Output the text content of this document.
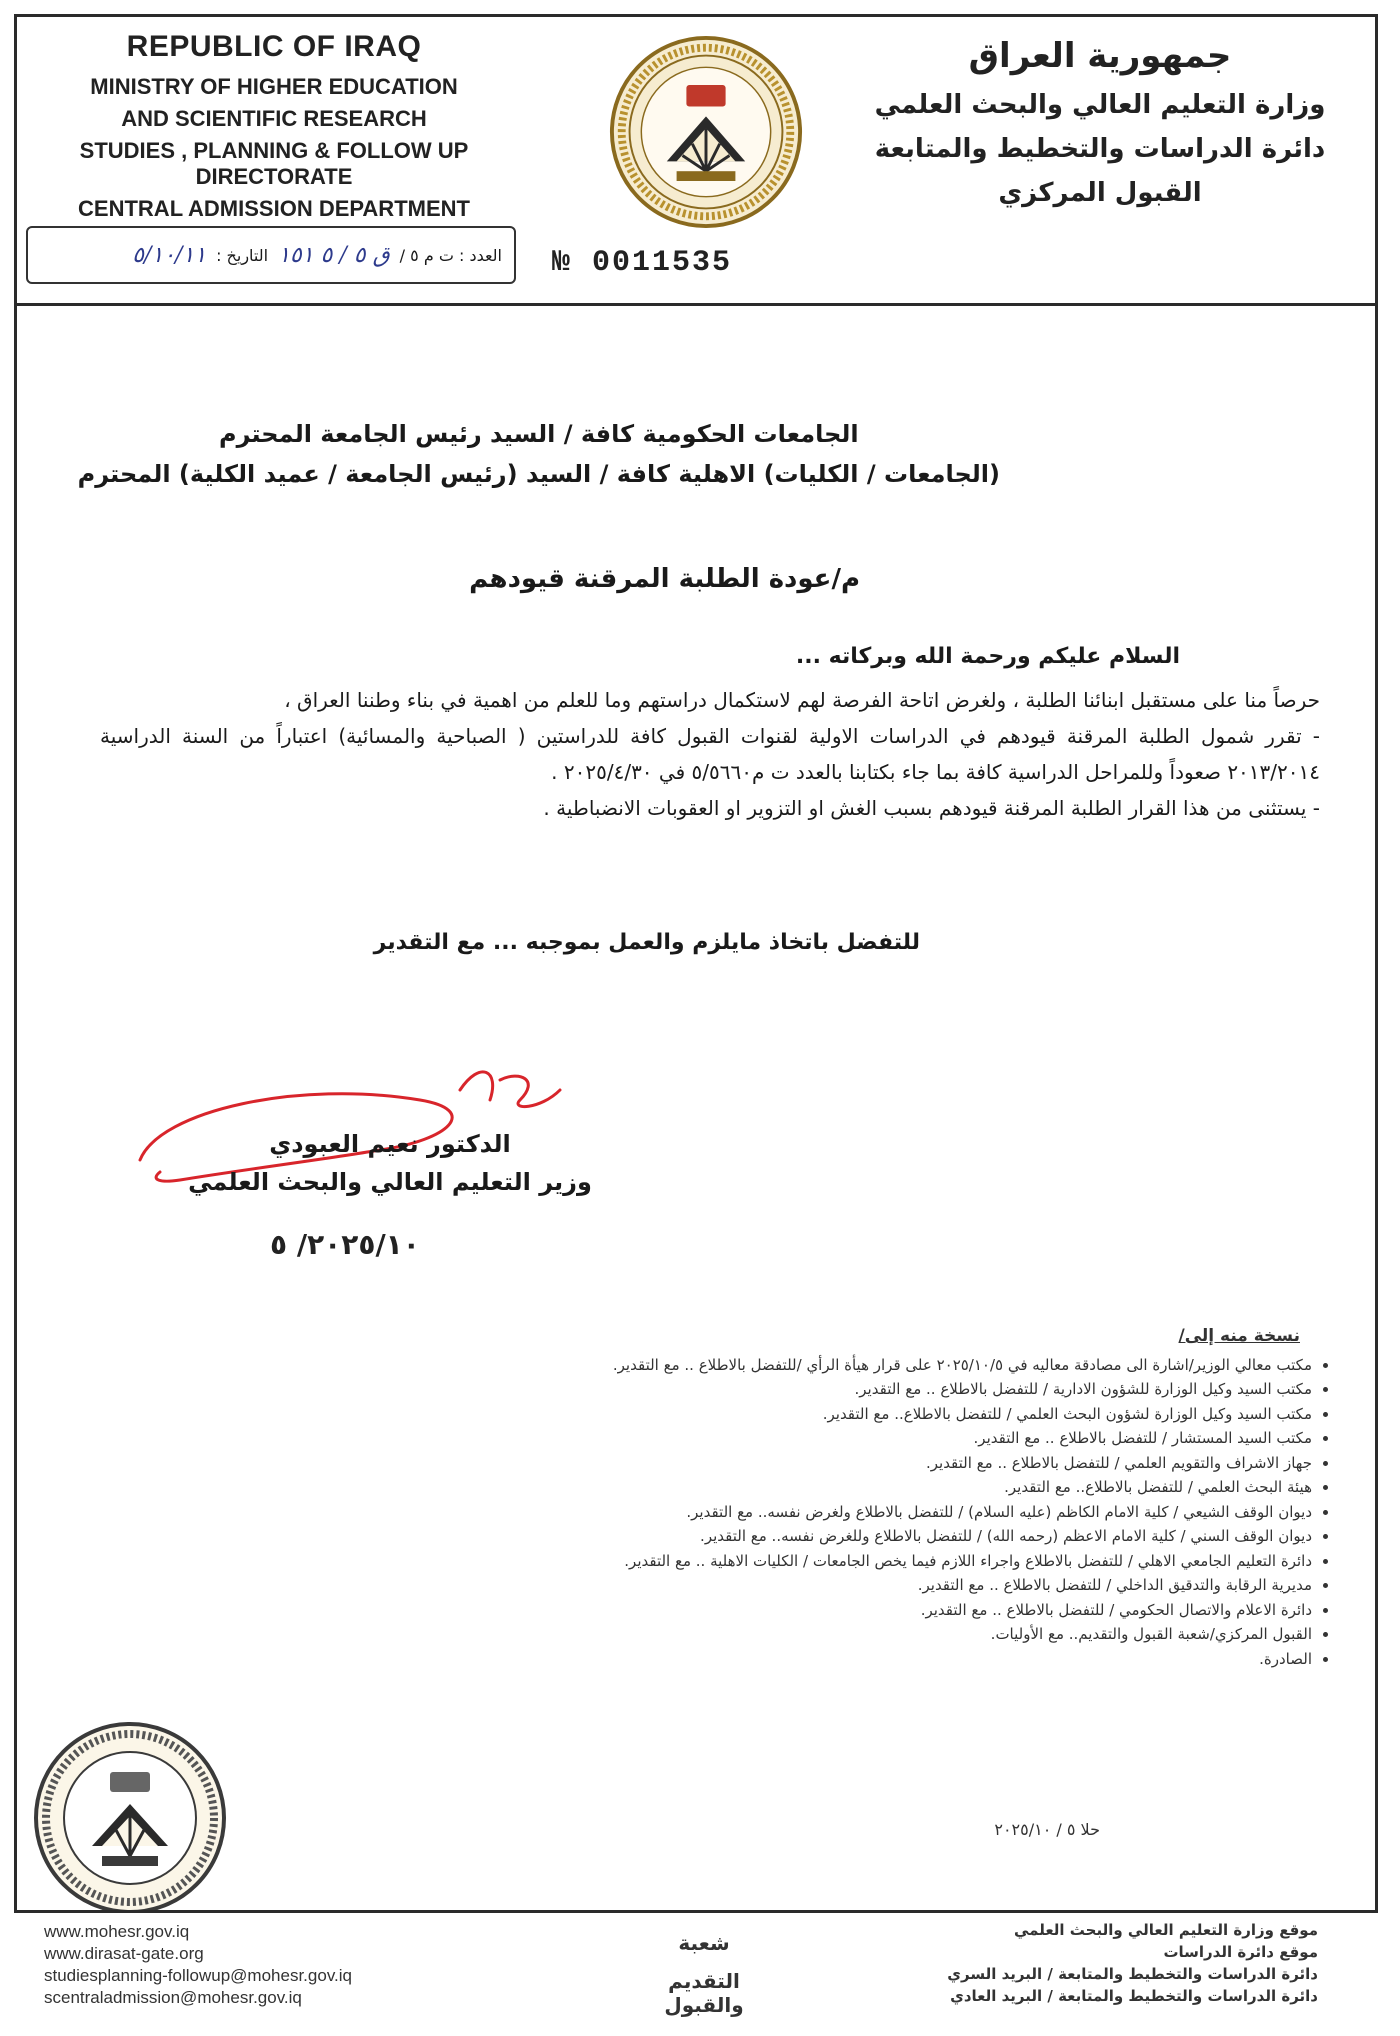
REPUBLIC OF IRAQ
MINISTRY OF HIGHER EDUCATION
AND SCIENTIFIC RESEARCH
STUDIES , PLANNING & FOLLOW UP DIRECTORATE
CENTRAL ADMISSION DEPARTMENT
جمهورية العراق
وزارة التعليم العالي والبحث العلمي
دائرة الدراسات والتخطيط والمتابعة
القبول المركزي
العدد : ت م ٥ /
ق ٥ / ٥ ١٥١
التاريخ :
٥/١٠/١١	№ 0011535
الجامعات الحكومية كافة / السيد رئيس الجامعة المحترم
(الجامعات / الكليات) الاهلية كافة / السيد (رئيس الجامعة / عميد الكلية) المحترم
م/عودة الطلبة المرقنة قيودهم
السلام عليكم ورحمة الله وبركاته ...
حرصاً منا على مستقبل ابنائنا الطلبة ، ولغرض اتاحة الفرصة لهم لاستكمال دراستهم وما للعلم من اهمية في بناء وطننا العراق ،
- تقرر شمول الطلبة المرقنة قيودهم في الدراسات الاولية لقنوات القبول كافة للدراستين ( الصباحية والمسائية) اعتباراً من السنة الدراسية ٢٠١٣/٢٠١٤ صعوداً وللمراحل الدراسية كافة بما جاء بكتابنا بالعدد ت م٥/٥٦٦٠ في ٢٠٢٥/٤/٣٠ .
- يستثنى من هذا القرار الطلبة المرقنة قيودهم بسبب الغش او التزوير او العقوبات الانضباطية .
للتفضل باتخاذ مايلزم والعمل بموجبه ... مع التقدير
الدكتور نعيم العبودي
وزير التعليم العالي والبحث العلمي
٢٠٢٥/١٠/ ٥
نسخة منه إلى/
• مكتب معالي الوزير/اشارة الى مصادقة معاليه في ٢٠٢٥/١٠/٥ على قرار هيأة الرأي /للتفضل بالاطلاع .. مع التقدير.
• مكتب السيد وكيل الوزارة للشؤون الادارية / للتفضل بالاطلاع .. مع التقدير.
• مكتب السيد وكيل الوزارة لشؤون البحث العلمي / للتفضل بالاطلاع.. مع التقدير.
• مكتب السيد المستشار / للتفضل بالاطلاع .. مع التقدير.
• جهاز الاشراف والتقويم العلمي / للتفضل بالاطلاع .. مع التقدير.
• هيئة البحث العلمي / للتفضل بالاطلاع.. مع التقدير.
• ديوان الوقف الشيعي / كلية الامام الكاظم (عليه السلام) / للتفضل بالاطلاع ولغرض نفسه.. مع التقدير.
• ديوان الوقف السني / كلية الامام الاعظم (رحمه الله) / للتفضل بالاطلاع وللغرض نفسه.. مع التقدير.
• دائرة التعليم الجامعي الاهلي / للتفضل بالاطلاع واجراء اللازم فيما يخص الجامعات / الكليات الاهلية .. مع التقدير.
• مديرية الرقابة والتدقيق الداخلي / للتفضل بالاطلاع .. مع التقدير.
• دائرة الاعلام والاتصال الحكومي / للتفضل بالاطلاع .. مع التقدير.
• القبول المركزي/شعبة القبول والتقديم.. مع الأوليات.
• الصادرة.
حلا ٥ / ٢٠٢٥/١٠
www.mohesr.gov.iq
www.dirasat-gate.org
studiesplanning-followup@mohesr.gov.iq
scentraladmission@mohesr.gov.iq
شعبة
التقديم والقبول
موقع وزارة التعليم العالي والبحث العلمي
موقع دائرة الدراسات
دائرة الدراسات والتخطيط والمتابعة / البريد السري
دائرة الدراسات والتخطيط والمتابعة / البريد العادي
